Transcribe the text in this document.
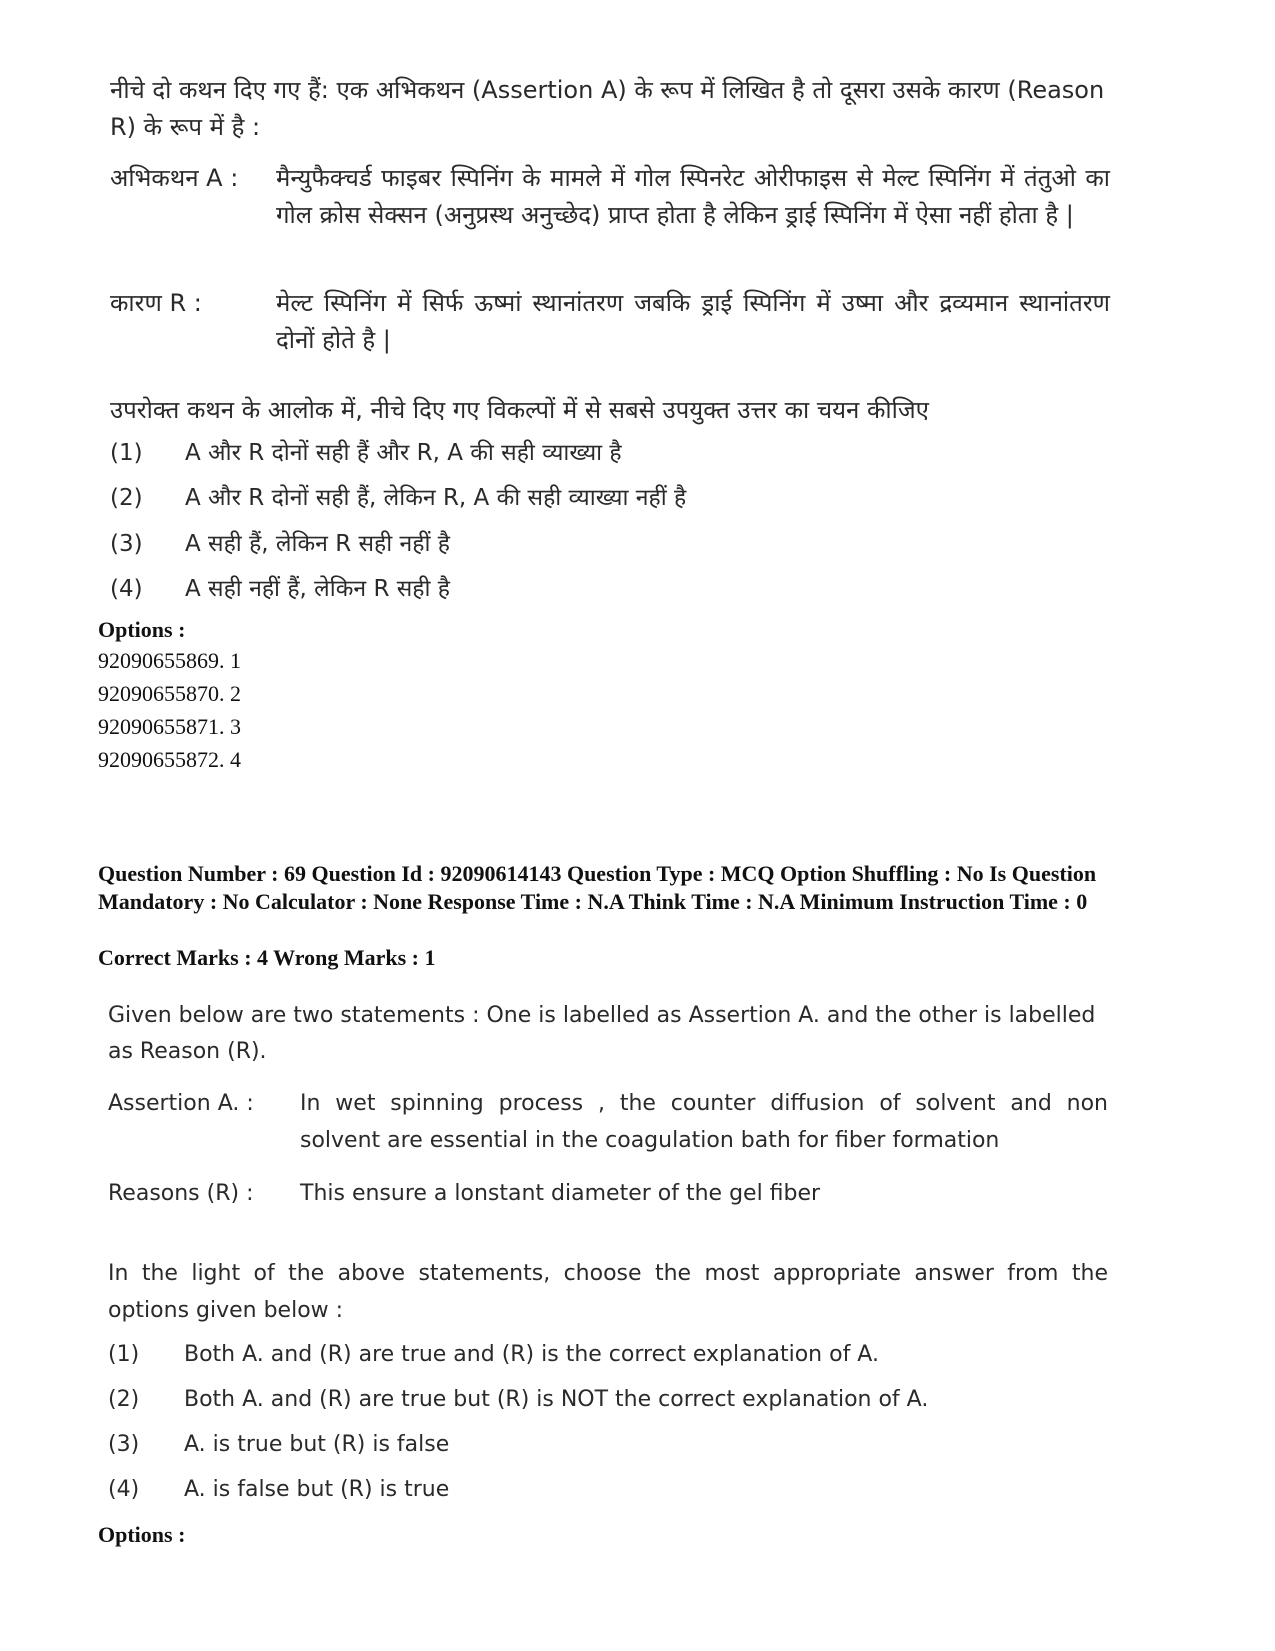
नीचे दो कथन दिए गए हैं: एक अभिकथन (Assertion A) के रूप में लिखित है तो दूसरा उसके कारण (Reason R) के रूप में है :
अभिकथन A :	मैन्युफैक्चर्ड फाइबर स्पिनिंग के मामले में गोल स्पिनरेट ओरीफाइस से मेल्ट स्पिनिंग में तंतुओ का गोल क्रोस सेक्सन (अनुप्रस्थ अनुच्छेद) प्राप्त होता है लेकिन ड्राई स्पिनिंग में ऐसा नहीं होता है |
कारण R :	मेल्ट स्पिनिंग में सिर्फ ऊष्मां स्थानांतरण जबकि ड्राई स्पिनिंग में उष्मा और द्रव्यमान स्थानांतरण दोनों होते है |
उपरोक्त कथन के आलोक में, नीचे दिए गए विकल्पों में से सबसे उपयुक्त उत्तर का चयन कीजिए
(1)	A और R दोनों सही हैं और R, A की सही व्याख्या है
(2)	A और R दोनों सही हैं, लेकिन R, A की सही व्याख्या नहीं है
(3)	A सही हैं, लेकिन R सही नहीं है
(4)	A सही नहीं हैं, लेकिन R सही है
Options :
92090655869. 1
92090655870. 2
92090655871. 3
92090655872. 4
Question Number : 69 Question Id : 92090614143 Question Type : MCQ Option Shuffling : No Is Question Mandatory : No Calculator : None Response Time : N.A Think Time : N.A Minimum Instruction Time : 0
Correct Marks : 4 Wrong Marks : 1
Given below are two statements : One is labelled as Assertion A. and the other is labelled as Reason (R).
Assertion A. :	In wet spinning process , the counter diffusion of solvent and non solvent are essential in the coagulation bath for fiber formation
Reasons (R) :	This ensure a lonstant diameter of the gel fiber
In the light of the above statements, choose the most appropriate answer from the options given below :
(1)	Both A. and (R) are true and (R) is the correct explanation of A.
(2)	Both A. and (R) are true but (R) is NOT the correct explanation of A.
(3)	A. is true but (R) is false
(4)	A. is false but (R) is true
Options :
